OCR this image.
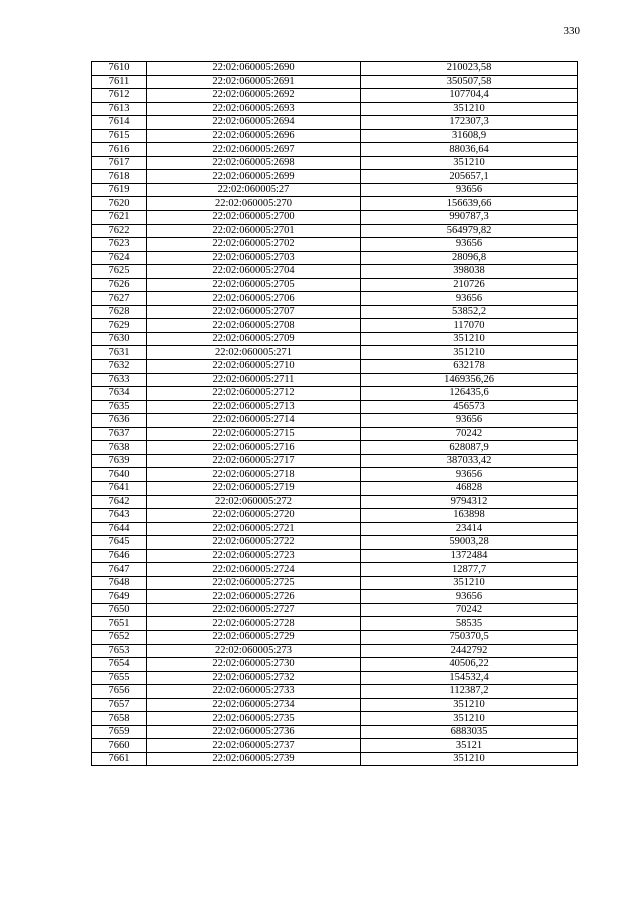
330
7610	22:02:060005:2690	210023,58
7611	22:02:060005:2691	350507,58
7612	22:02:060005:2692	107704,4
7613	22:02:060005:2693	351210
7614	22:02:060005:2694	172307,3
7615	22:02:060005:2696	31608,9
7616	22:02:060005:2697	88036,64
7617	22:02:060005:2698	351210
7618	22:02:060005:2699	205657,1
7619	22:02:060005:27	93656
7620	22:02:060005:270	156639,66
7621	22:02:060005:2700	990787,3
7622	22:02:060005:2701	564979,82
7623	22:02:060005:2702	93656
7624	22:02:060005:2703	28096,8
7625	22:02:060005:2704	398038
7626	22:02:060005:2705	210726
7627	22:02:060005:2706	93656
7628	22:02:060005:2707	53852,2
7629	22:02:060005:2708	117070
7630	22:02:060005:2709	351210
7631	22:02:060005:271	351210
7632	22:02:060005:2710	632178
7633	22:02:060005:2711	1469356,26
7634	22:02:060005:2712	126435,6
7635	22:02:060005:2713	456573
7636	22:02:060005:2714	93656
7637	22:02:060005:2715	70242
7638	22:02:060005:2716	628087,9
7639	22:02:060005:2717	387033,42
7640	22:02:060005:2718	93656
7641	22:02:060005:2719	46828
7642	22:02:060005:272	9794312
7643	22:02:060005:2720	163898
7644	22:02:060005:2721	23414
7645	22:02:060005:2722	59003,28
7646	22:02:060005:2723	1372484
7647	22:02:060005:2724	12877,7
7648	22:02:060005:2725	351210
7649	22:02:060005:2726	93656
7650	22:02:060005:2727	70242
7651	22:02:060005:2728	58535
7652	22:02:060005:2729	750370,5
7653	22:02:060005:273	2442792
7654	22:02:060005:2730	40506,22
7655	22:02:060005:2732	154532,4
7656	22:02:060005:2733	112387,2
7657	22:02:060005:2734	351210
7658	22:02:060005:2735	351210
7659	22:02:060005:2736	6883035
7660	22:02:060005:2737	35121
7661	22:02:060005:2739	351210
